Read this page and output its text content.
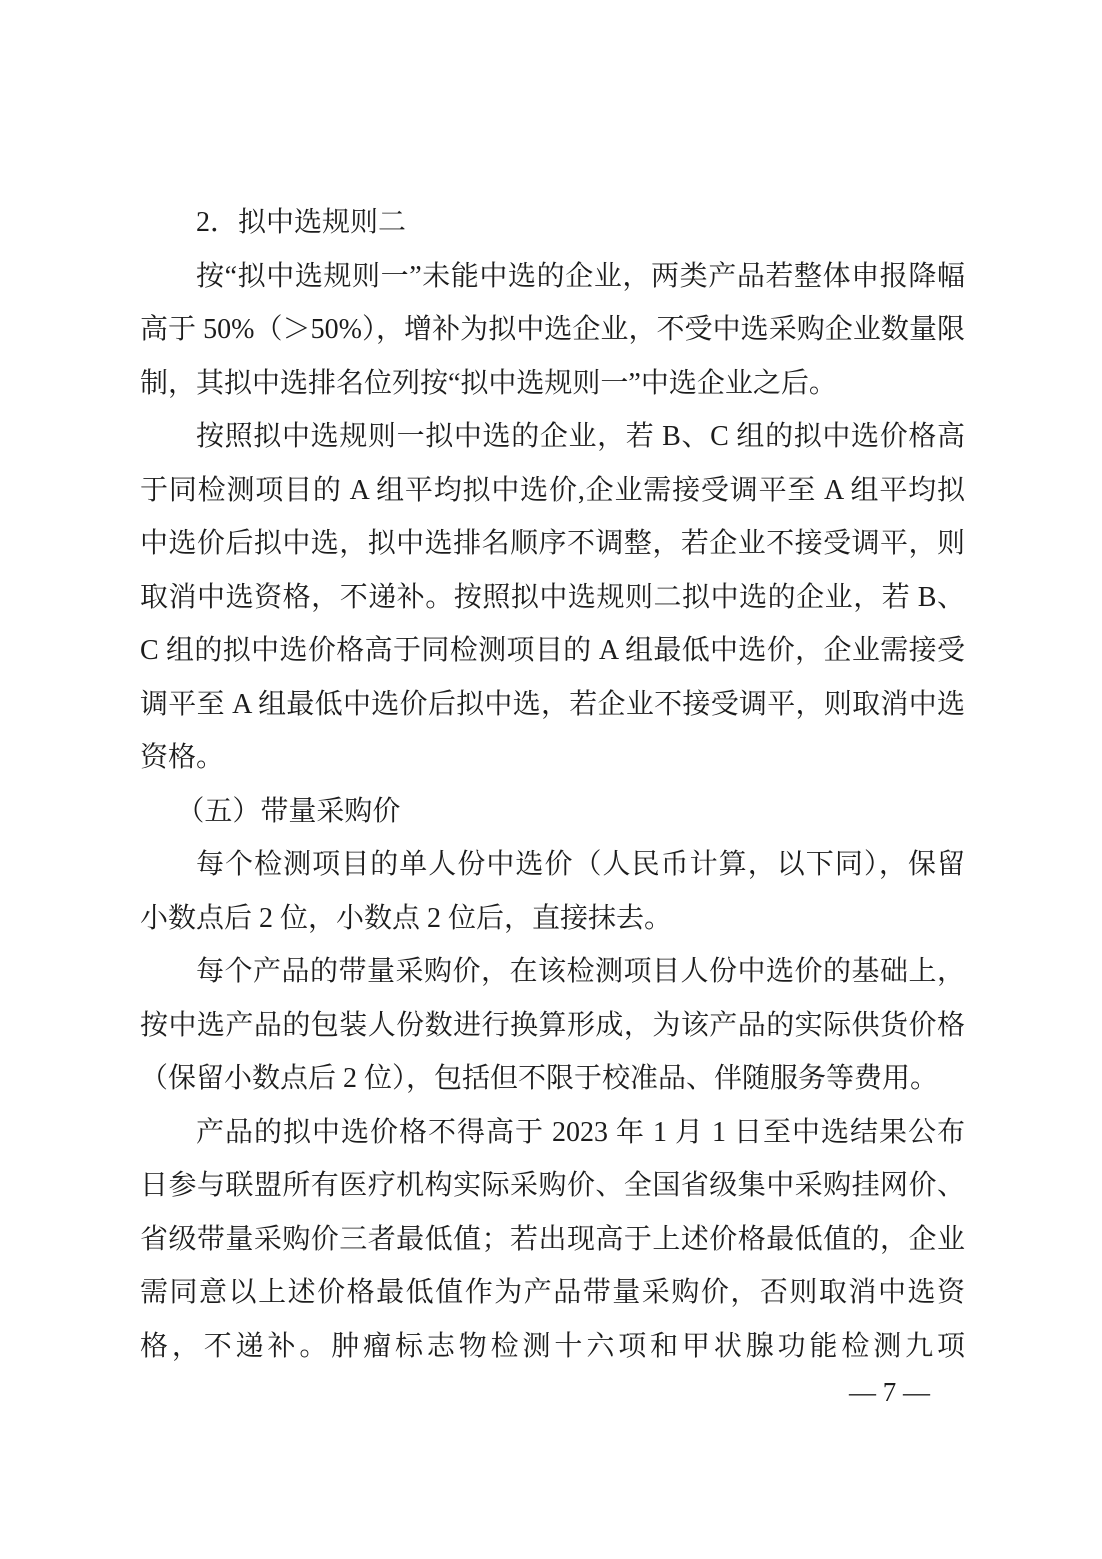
2．拟中选规则二

按“拟中选规则一”未能中选的企业，两类产品若整体申报降幅高于 50%（＞50%），增补为拟中选企业，不受中选采购企业数量限制，其拟中选排名位列按“拟中选规则一”中选企业之后。

按照拟中选规则一拟中选的企业，若 B、C 组的拟中选价格高于同检测项目的 A 组平均拟中选价,企业需接受调平至 A 组平均拟中选价后拟中选，拟中选排名顺序不调整，若企业不接受调平，则取消中选资格，不递补。按照拟中选规则二拟中选的企业，若 B、C 组的拟中选价格高于同检测项目的 A 组最低中选价，企业需接受调平至 A 组最低中选价后拟中选，若企业不接受调平，则取消中选资格。

（五）带量采购价

每个检测项目的单人份中选价（人民币计算，以下同），保留小数点后 2 位，小数点 2 位后，直接抹去。

每个产品的带量采购价，在该检测项目人份中选价的基础上，按中选产品的包装人份数进行换算形成，为该产品的实际供货价格（保留小数点后 2 位），包括但不限于校准品、伴随服务等费用。

产品的拟中选价格不得高于 2023 年 1 月 1 日至中选结果公布日参与联盟所有医疗机构实际采购价、全国省级集中采购挂网价、省级带量采购价三者最低值；若出现高于上述价格最低值的，企业需同意以上述价格最低值作为产品带量采购价，否则取消中选资格，不递补。肿瘤标志物检测十六项和甲状腺功能检测九项

— 7 —
